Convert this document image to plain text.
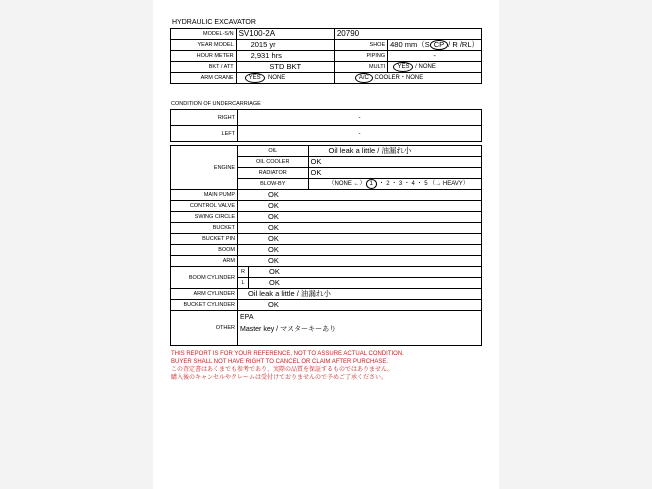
HYDRAULIC EXCAVATOR
MODEL-S/N	SV100-2A	20790	
YEAR MODEL	2015 yr	SHOE	480 mm（S CP / R /RL）
HOUR METER	2,931 hrs	PIPING	-
BKT / ATT	STD BKT	MULTI	YES / NONE
ARM CRANE	YES NONE	A/C COOLER・NONE	
CONDITION OF UNDERCARRIAGE
RIGHT	-
LEFT	-
ENGINE	OIL		Oil leak a little / 油漏れ小
	OIL COOLER		OK
	RADIATOR		OK
	BLOW-BY		（NONE ←） 1 ・ 2 ・ 3 ・ 4 ・ 5 （→ HEAVY）
MAIN PUMP	OK		
CONTROL VALVE	OK		
SWING CIRCLE	OK		
BUCKET	OK		
BUCKET PIN	OK		
BOOM	OK		
ARM	OK		
BOOM CYLINDER	R	OK	
	L	OK	
ARM CYLINDER	Oil leak a little / 油漏れ小		
BUCKET CYLINDER	OK		
OTHER	EPA
Master key / マスターキーあり		
THIS REPORT IS FOR YOUR REFERENCE, NOT TO ASSURE ACTUAL CONDITION.
BUYER SHALL NOT HAVE RIGHT TO CANCEL OR CLAIM AFTER PURCHASE.
この査定書はあくまでも参考であり、実際の品質を保証するものではありません。
購入後のキャンセルやクレームは受付けておりませんので予めご了承ください。
